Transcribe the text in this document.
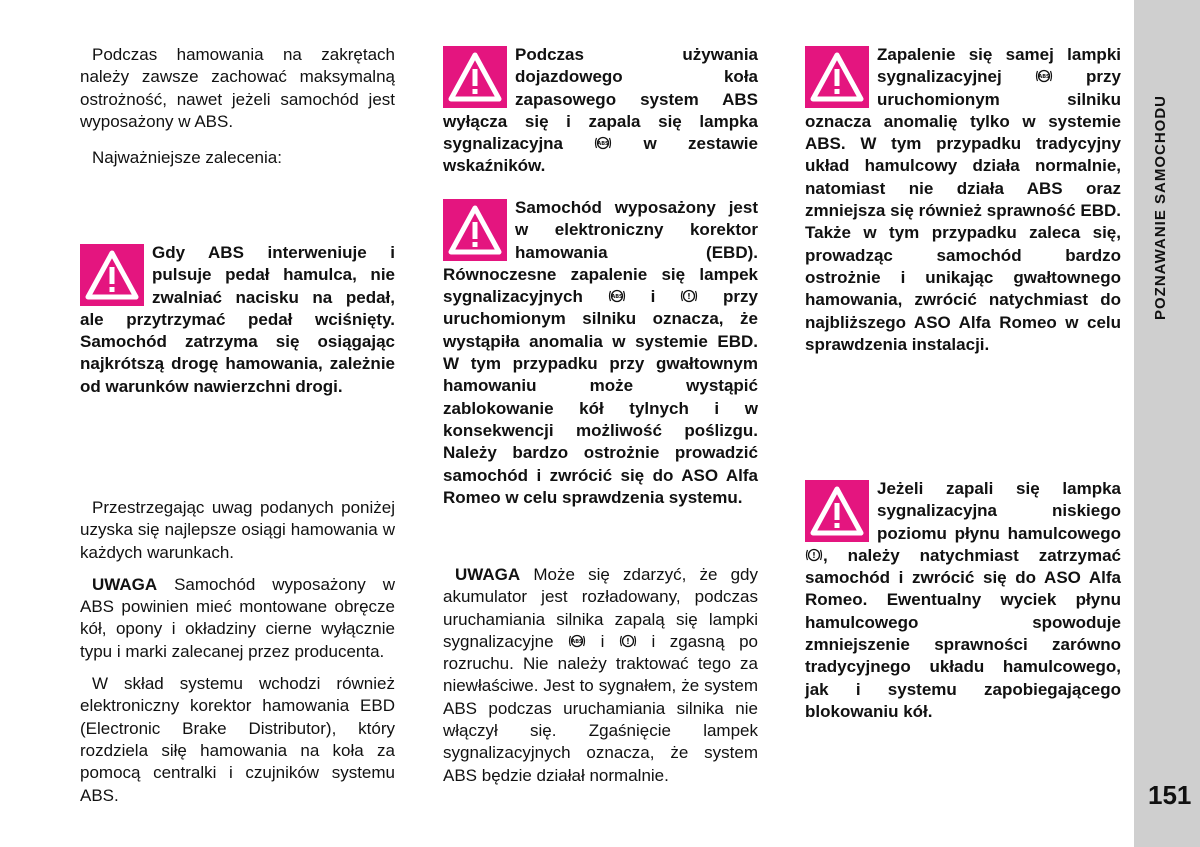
POZNAWANIE SAMOCHODU
151

Podczas hamowania na zakrętach należy zawsze zachować maksymalną ostrożność, nawet jeżeli samochód jest wyposażony w ABS.

Najważniejsze zalecenia:

Gdy ABS interweniuje i pulsuje pedał hamulca, nie zwalniać nacisku na pedał, ale przytrzymać pedał wciśnięty. Samochód zatrzyma się osiągając najkrótszą drogę hamowania, zależnie od warunków nawierzchni drogi.

Przestrzegając uwag podanych poniżej uzyska się najlepsze osiągi hamowania w każdych warunkach.

UWAGA Samochód wyposażony w ABS powinien mieć montowane obręcze kół, opony i okładziny cierne wyłącznie typu i marki zalecanej przez producenta.

W skład systemu wchodzi również elektroniczny korektor hamowania EBD (Electronic Brake Distributor), który rozdziela siłę hamowania na koła za pomocą centralki i czujników systemu ABS.

Podczas używania dojazdowego koła zapasowego system ABS wyłącza się i zapala się lampka sygnalizacyjna ABS w zestawie wskaźników.
Samochód wyposażony jest w elektroniczny korektor hamowania (EBD). Równoczesne zapalenie się lampek sygnalizacyjnych ABS i ! przy uruchomionym silniku oznacza, że wystąpiła anomalia w systemie EBD. W tym przypadku przy gwałtownym hamowaniu może wystąpić zablokowanie kół tylnych i w konsekwencji możliwość poślizgu. Należy bardzo ostrożnie prowadzić samochód i zwrócić się do ASO Alfa Romeo w celu sprawdzenia systemu.

UWAGA Może się zdarzyć, że gdy akumulator jest rozładowany, podczas uruchamiania silnika zapalą się lampki sygnalizacyjne ABS i ! i zgasną po rozruchu. Nie należy traktować tego za niewłaściwe. Jest to sygnałem, że system ABS podczas uruchamiania silnika nie włączył się. Zgaśnięcie lampek sygnalizacyjnych oznacza, że system ABS będzie działał normalnie.

Zapalenie się samej lampki sygnalizacyjnej ABS przy uruchomionym silniku oznacza anomalię tylko w systemie ABS. W tym przypadku tradycyjny układ hamulcowy działa normalnie, natomiast nie działa ABS oraz zmniejsza się również sprawność EBD. Także w tym przypadku zaleca się, prowadząc samochód bardzo ostrożnie i unikając gwałtownego hamowania, zwrócić natychmiast do najbliższego ASO Alfa Romeo w celu sprawdzenia instalacji.
Jeżeli zapali się lampka sygnalizacyjna niskiego poziomu płynu hamulcowego
! , należy natychmiast zatrzymać samochód i zwrócić się do ASO Alfa Romeo. Ewentualny wyciek płynu hamulcowego spowoduje zmniejszenie sprawności zarówno tradycyjnego układu hamulcowego, jak i systemu zapobiegającego blokowaniu kół.
